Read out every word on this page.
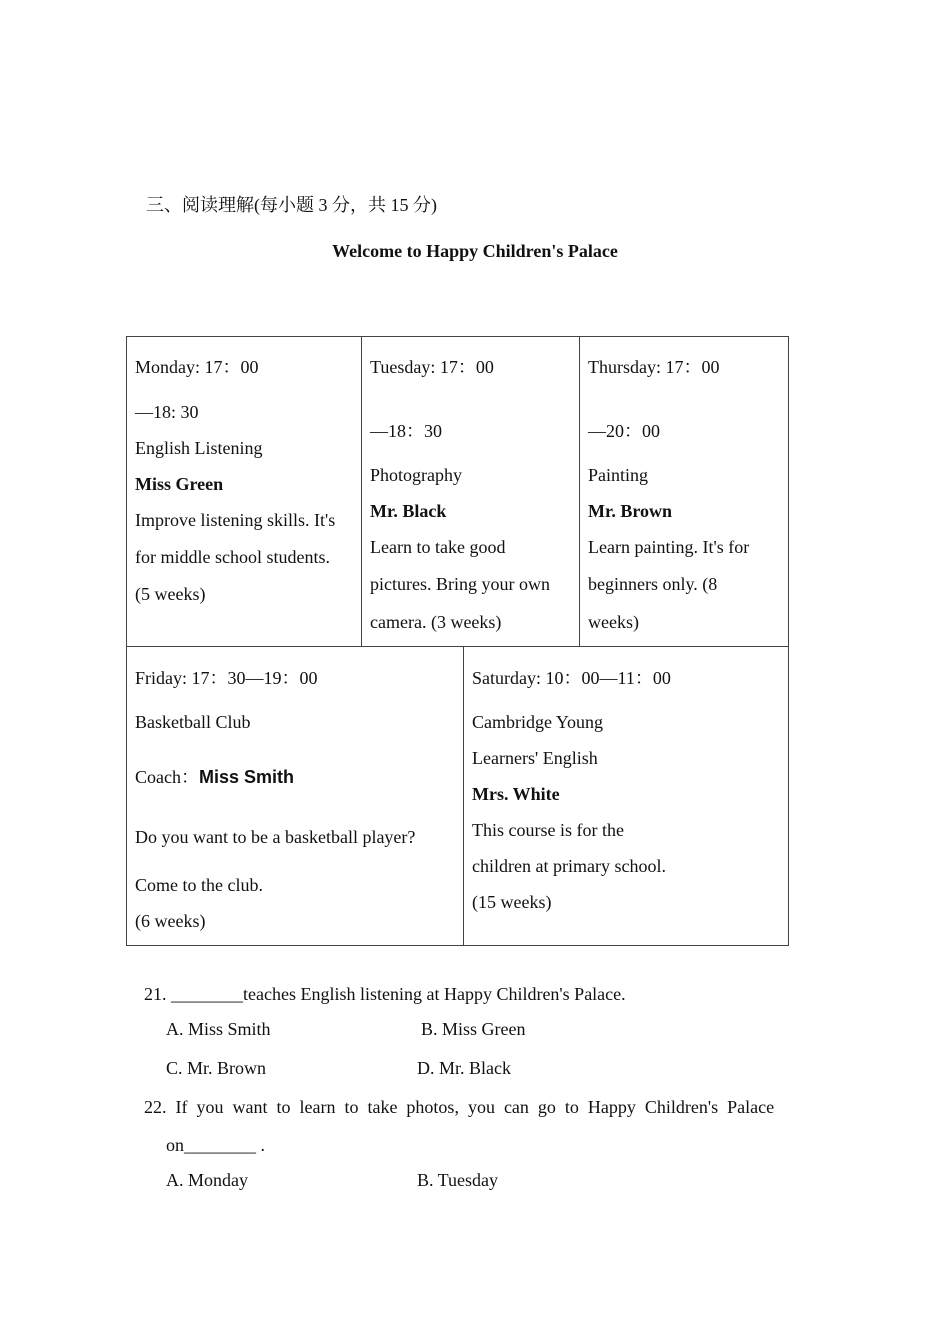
三、阅读理解(每小题 3 分，共 15 分)
Welcome to Happy Children's Palace
Monday: 17：00
—18: 30
English Listening
Miss Green
Improve listening skills. It's
for middle school students.
(5 weeks)
Tuesday: 17：00
—18：30
Photography
Mr. Black
Learn to take good
pictures. Bring your own
camera. (3 weeks)
Thursday: 17：00
—20：00
Painting
Mr. Brown
Learn painting. It's for
beginners only. (8
weeks)
Friday: 17：30—19：00
Basketball Club
Coach：Miss Smith
Do you want to be a basketball player?
Come to the club.
(6 weeks)
Saturday: 10：00—11：00
Cambridge Young
Learners' English
Mrs. White
This course is for the
children at primary school.
(15 weeks)
21. ________teaches English listening at Happy Children's Palace.
A. Miss Smith	B. Miss Green
C. Mr. Brown	D. Mr. Black
22.  If  you  want  to  learn  to  take  photos,  you  can  go  to  Happy  Children's  Palace
on________ .
A. Monday	B. Tuesday
